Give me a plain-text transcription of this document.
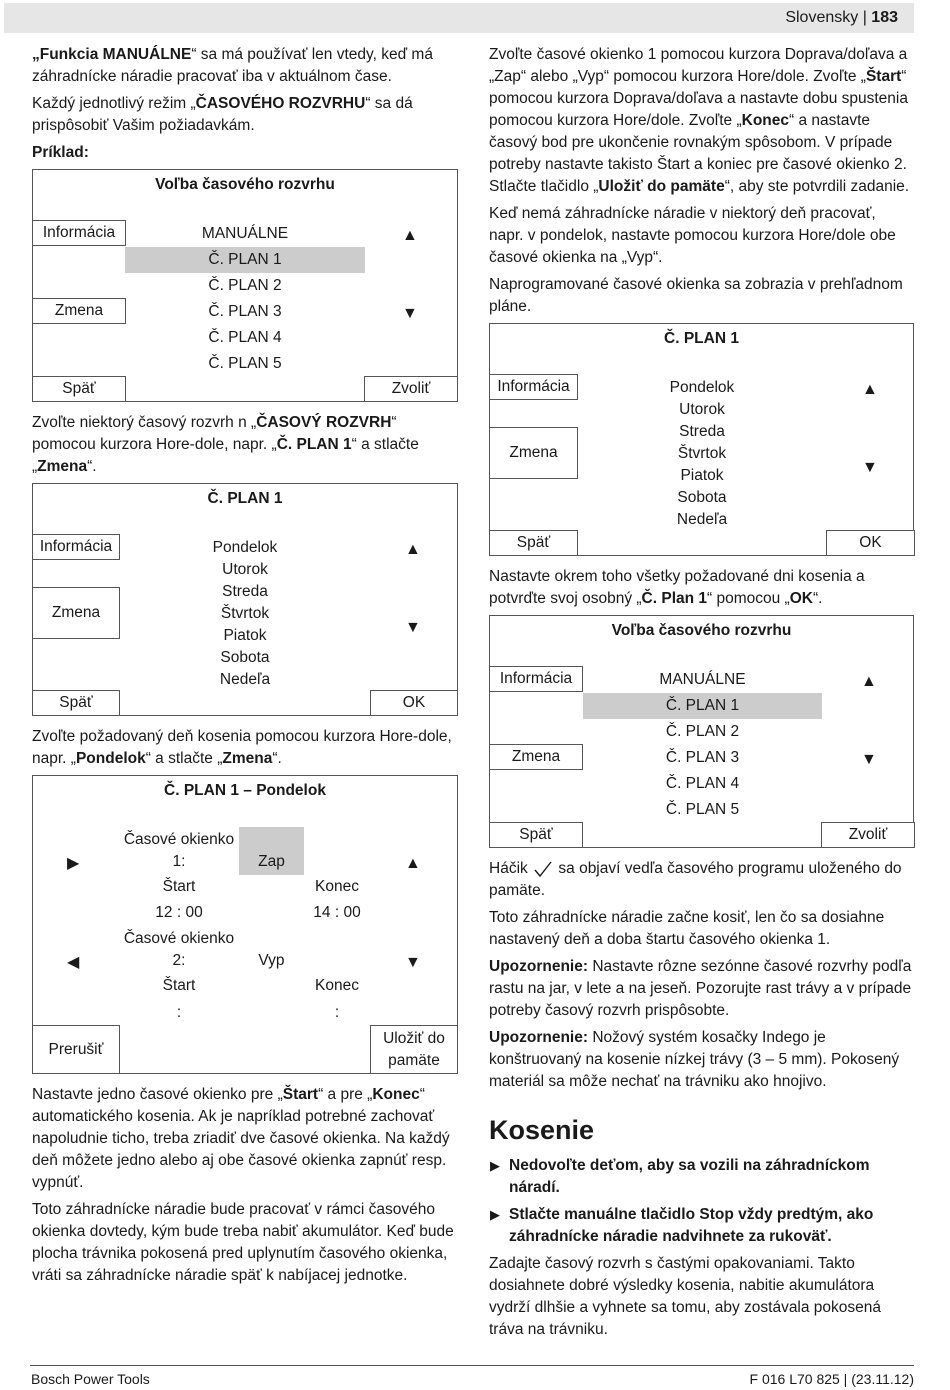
Slovensky | 183

„Funkcia MANUÁLNE“ sa má používať len vtedy, keď má záhradnícke náradie pracovať iba v aktuálnom čase.

Každý jednotlivý režim „ČASOVÉHO ROZVRHU“ sa dá prispôsobiť Vašim požiadavkám.

Príklad:

Voľba časového rozvrhu
Informácia
Zmena
Späť	Zvoliť
MANUÁLNE
Č. PLAN 1
Č. PLAN 2
Č. PLAN 3
Č. PLAN 4
Č. PLAN 5
▲
▼

Zvoľte niektorý časový rozvrh n „ČASOVÝ ROZVRH“ pomocou kurzora Hore-dole, napr. „Č. PLAN 1“ a stlačte „Zmena“.

Č. PLAN 1
Informácia
Zmena
Späť	OK
Pondelok
Utorok
Streda
Štvrtok
Piatok
Sobota
Nedeľa
▲
▼

Zvoľte požadovaný deň kosenia pomocou kurzora Hore-dole, napr. „Pondelok“ a stlačte „Zmena“.

Č. PLAN 1 – Pondelok
▶
◀
▲
▼
Časové okienko
1:	Zap
Štart	Konec
12 : 00	14 : 00
Časové okienko
2:	Vyp
Štart	Konec
:	:
Prerušiť
Uložiť do
pamäte

Nastavte jedno časové okienko pre „Štart“ a pre „Konec“ automatického kosenia. Ak je napríklad potrebné zachovať napoludnie ticho, treba zriadiť dve časové okienka. Na každý deň môžete jedno alebo aj obe časové okienka zapnúť resp. vypnúť.

Toto záhradnícke náradie bude pracovať v rámci časového okienka dovtedy, kým bude treba nabiť akumulátor. Keď bude plocha trávnika pokosená pred uplynutím časového okienka, vráti sa záhradnícke náradie späť k nabíjacej jednotke.

Zvoľte časové okienko 1 pomocou kurzora Doprava/doľava a „Zap“ alebo „Vyp“ pomocou kurzora Hore/dole. Zvoľte „Štart“ pomocou kurzora Doprava/doľava a nastavte dobu spustenia pomocou kurzora Hore/dole. Zvoľte „Konec“ a nastavte časový bod pre ukončenie rovnakým spôsobom. V prípade potreby nastavte takisto Štart a koniec pre časové okienko 2. Stlačte tlačidlo „Uložiť do pamäte“, aby ste potvrdili zadanie.

Keď nemá záhradnícke náradie v niektorý deň pracovať, napr. v pondelok, nastavte pomocou kurzora Hore/dole obe časové okienka na „Vyp“.

Naprogramované časové okienka sa zobrazia v prehľadnom pláne.

Č. PLAN 1
Informácia
Zmena
Späť	OK
Pondelok
Utorok
Streda
Štvrtok
Piatok
Sobota
Nedeľa
▲
▼

Nastavte okrem toho všetky požadované dni kosenia a potvrďte svoj osobný „Č. Plan 1“ pomocou „OK“.

Voľba časového rozvrhu
Informácia
Zmena
Späť	Zvoliť
MANUÁLNE
Č. PLAN 1
Č. PLAN 2
Č. PLAN 3
Č. PLAN 4
Č. PLAN 5
▲
▼

Háčik sa objaví vedľa časového programu uloženého do pamäte.

Toto záhradnícke náradie začne kosiť, len čo sa dosiahne nastavený deň a doba štartu časového okienka 1.

Upozornenie: Nastavte rôzne sezónne časové rozvrhy podľa rastu na jar, v lete a na jeseň. Pozorujte rast trávy a v prípade potreby časový rozvrh prispôsobte.

Upozornenie: Nožový systém kosačky Indego je konštruovaný na kosenie nízkej trávy (3 – 5 mm). Pokosený materiál sa môže nechať na trávniku ako hnojivo.

Kosenie
▶ Nedovoľte deťom, aby sa vozili na záhradníckom náradí.
▶ Stlačte manuálne tlačidlo Stop vždy predtým, ako záhradnícke náradie nadvihnete za rukoväť.

Zadajte časový rozvrh s častými opakovaniami. Takto dosiahnete dobré výsledky kosenia, nabitie akumulátora vydrží dlhšie a vyhnete sa tomu, aby zostávala pokosená tráva na trávniku.

Bosch Power Tools	F 016 L70 825 | (23.11.12)
